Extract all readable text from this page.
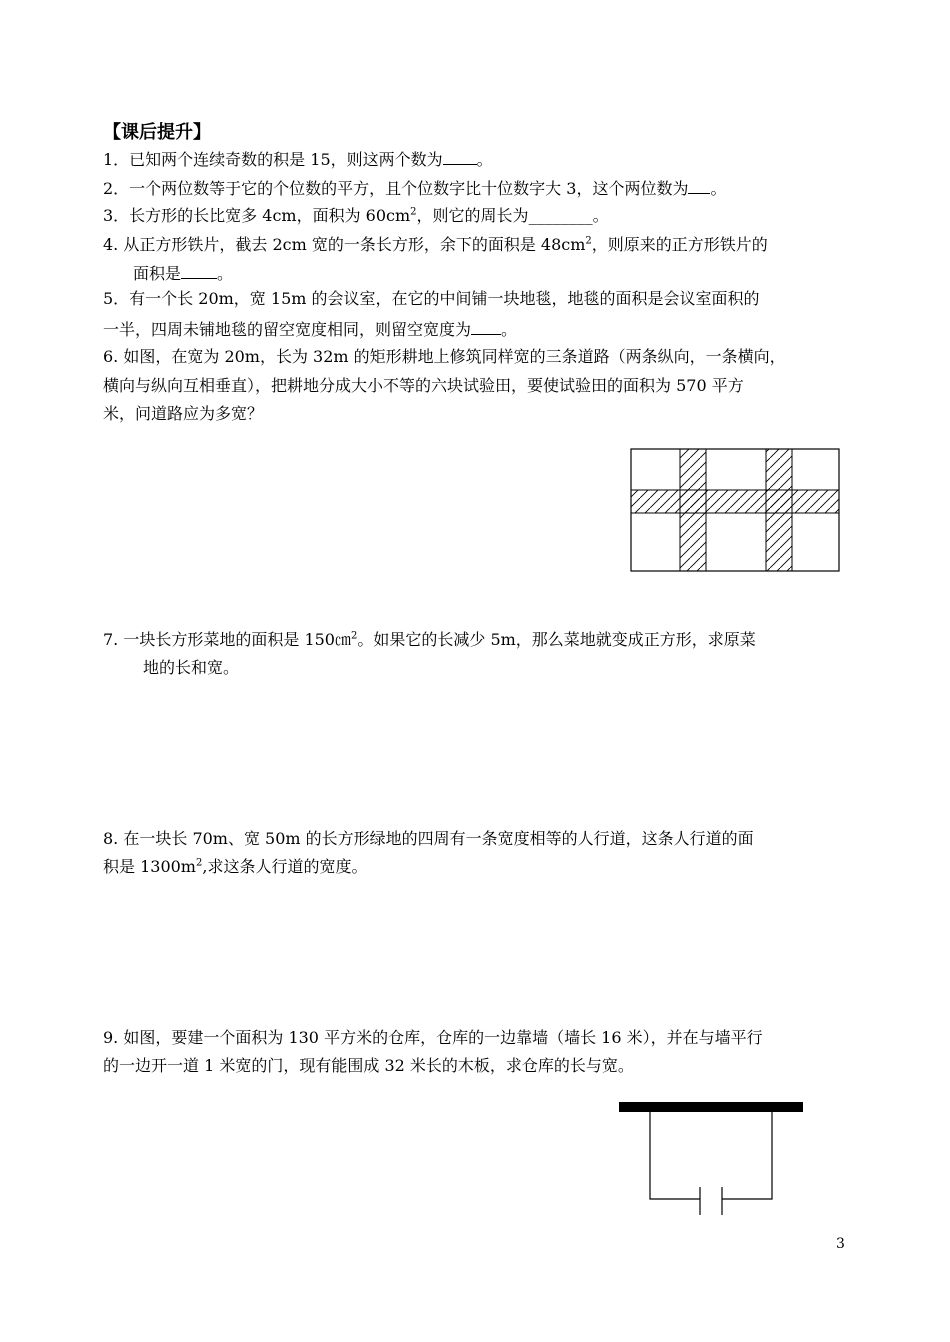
【课后提升】
1．已知两个连续奇数的积是 15，则这两个数为 。
2．一个两位数等于它的个位数的平方，且个位数字比十位数字大 3，这个两位数为 。
3．长方形的长比宽多 4cm，面积为 $60cm^2$，则它的周长为________。
4. 从正方形铁片，截去 2cm 宽的一条长方形，余下的面积是 $48cm^2$，则原来的正方形铁片的
面积是 。
5．有一个长 20m，宽 15m 的会议室，在它的中间铺一块地毯，地毯的面积是会议室面积的
一半，四周未铺地毯的留空宽度相同，则留空宽度为 。
6. 如图，在宽为 20m，长为 32m 的矩形耕地上修筑同样宽的三条道路（两条纵向，一条横向，
横向与纵向互相垂直），把耕地分成大小不等的六块试验田，要使试验田的面积为 570 平方
米，问道路应为多宽？
7. 一块长方形菜地的面积是 150㎝$^2$。如果它的长减少 5m，那么菜地就变成正方形，求原菜
地的长和宽。
8. 在一块长 70m、宽 50m 的长方形绿地的四周有一条宽度相等的人行道，这条人行道的面
积是 $1300m^2$,求这条人行道的宽度。
9. 如图，要建一个面积为 130 平方米的仓库，仓库的一边靠墙（墙长 16 米），并在与墙平行
的一边开一道 1 米宽的门，现有能围成 32 米长的木板，求仓库的长与宽。
3
